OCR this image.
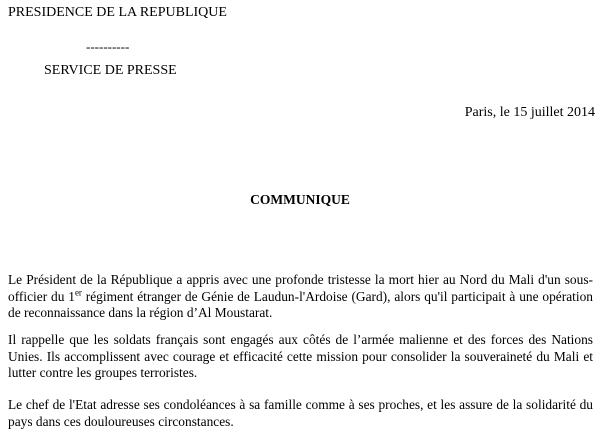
PRESIDENCE DE LA REPUBLIQUE
----------
SERVICE DE PRESSE
Paris, le 15 juillet 2014
COMMUNIQUE

Le Président de la République a appris avec une profonde tristesse la mort hier au Nord du Mali d'un sous-officier du 1er régiment étranger de Génie de Laudun-l'Ardoise (Gard), alors qu'il participait à une opération de reconnaissance dans la région d’Al Moustarat.

Il rappelle que les soldats français sont engagés aux côtés de l’armée malienne et des forces des Nations Unies. Ils accomplissent avec courage et efficacité cette mission pour consolider la souveraineté du Mali et lutter contre les groupes terroristes.

Le chef de l'Etat adresse ses condoléances à sa famille comme à ses proches, et les assure de la solidarité du pays dans ces douloureuses circonstances.
